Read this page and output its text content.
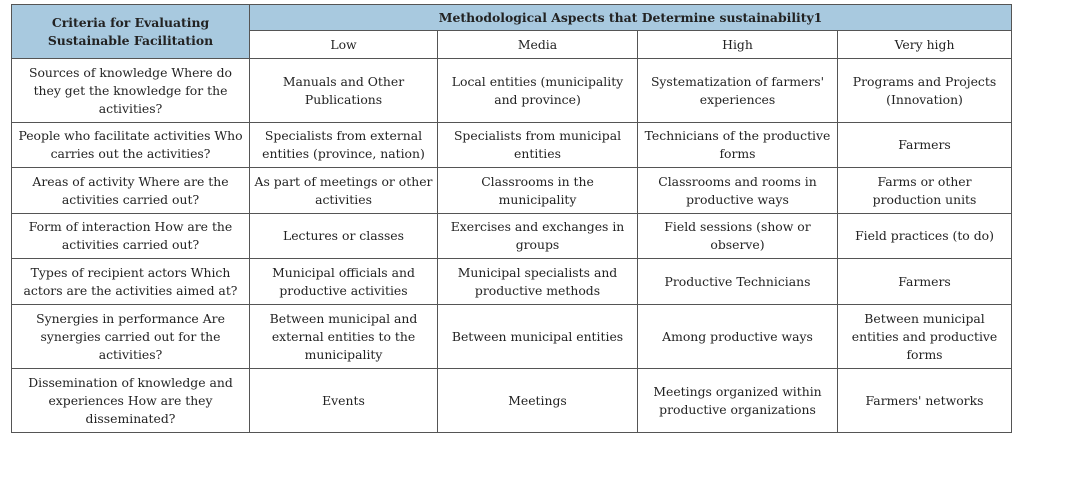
Criteria for Evaluating Sustainable Facilitation	Methodological Aspects that Determine sustainability1			
	Low	Media	High	Very high
Sources of knowledge Where do they get the knowledge for the activities?	Manuals and Other Publications	Local entities (municipality and province)	Systematization of farmers' experiences	Programs and Projects (Innovation)
People who facilitate activities Who carries out the activities?	Specialists from external entities (province, nation)	Specialists from municipal entities	Technicians of the productive forms	Farmers
Areas of activity Where are the activities carried out?	As part of meetings or other activities	Classrooms in the municipality	Classrooms and rooms in productive ways	Farms or other production units
Form of interaction How are the activities carried out?	Lectures or classes	Exercises and exchanges in groups	Field sessions (show or observe)	Field practices (to do)
Types of recipient actors Which actors are the activities aimed at?	Municipal officials and productive activities	Municipal specialists and productive methods	Productive Technicians	Farmers
Synergies in performance Are synergies carried out for the activities?	Between municipal and external entities to the municipality	Between municipal entities	Among productive ways	Between municipal entities and productive forms
Dissemination of knowledge and experiences How are they disseminated?	Events	Meetings	Meetings organized within productive organizations	Farmers' networks
